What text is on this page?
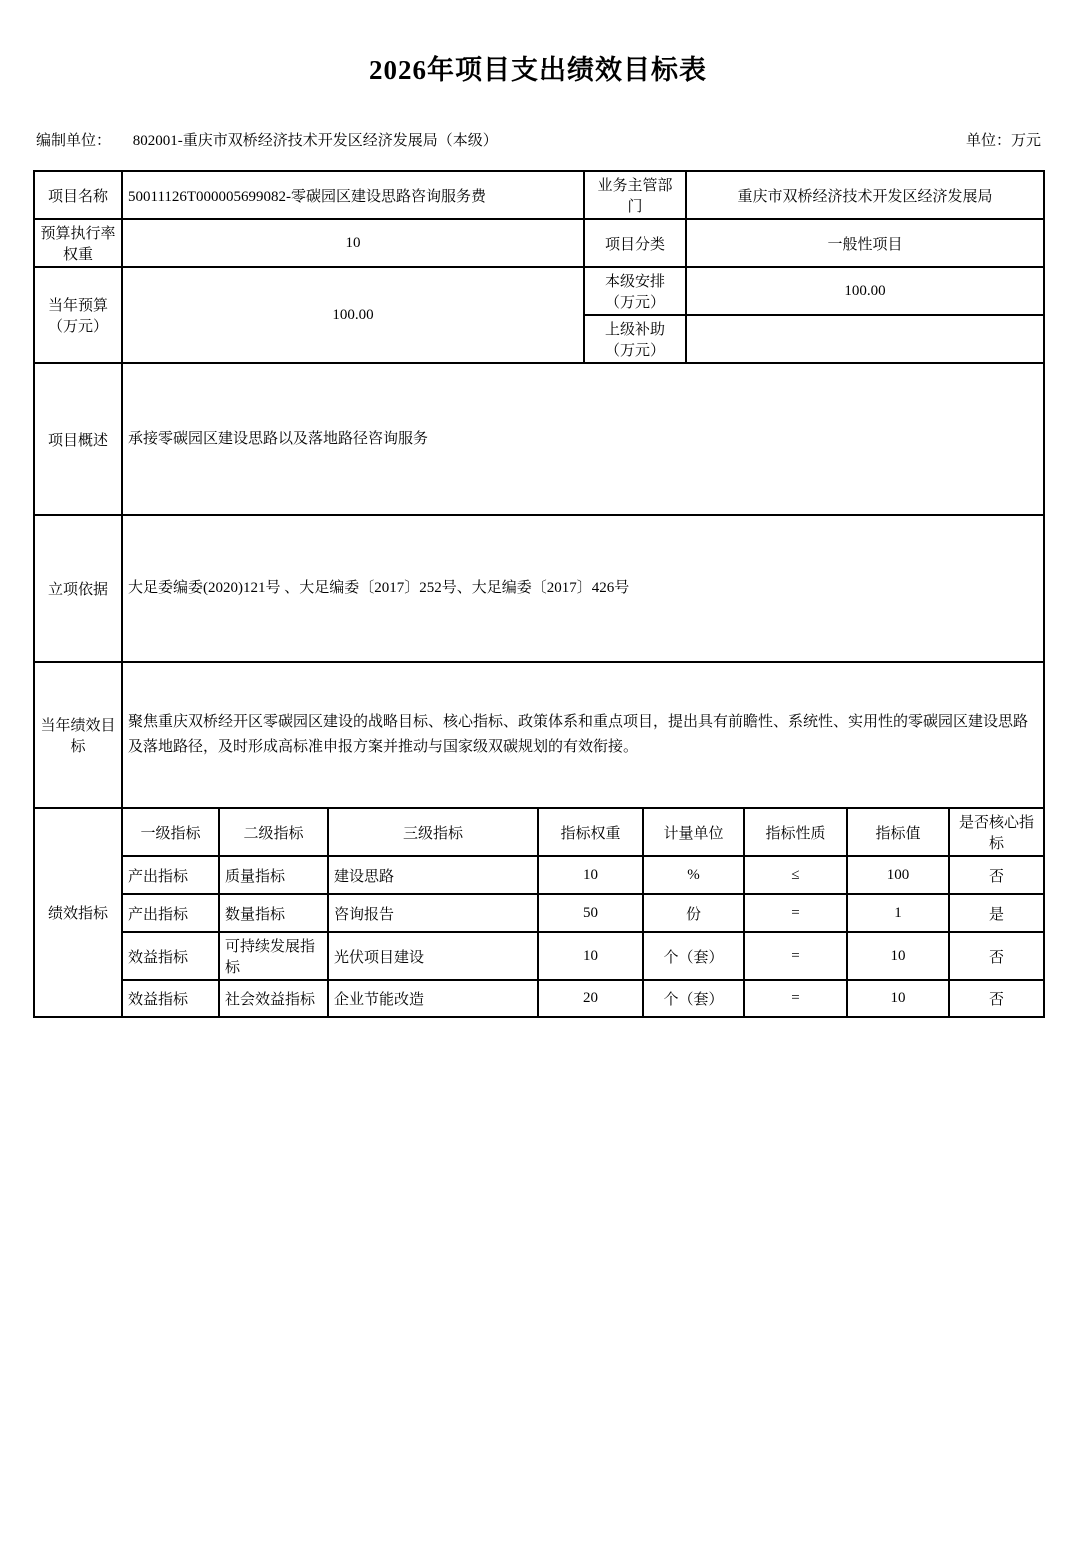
2026年项目支出绩效目标表
编制单位： 802001-重庆市双桥经济技术开发区经济发展局（本级）	单位：万元
项目名称	50011126T000005699082-零碳园区建设思路咨询服务费	业务主管部门	重庆市双桥经济技术开发区经济发展局
预算执行率权重	10	项目分类	一般性项目
当年预算（万元）	100.00	本级安排（万元）	100.00
		上级补助（万元）	
项目概述	承接零碳园区建设思路以及落地路径咨询服务		
立项依据	大足委编委(2020)121号 、大足编委〔2017〕252号、大足编委〔2017〕426号		
当年绩效目标	聚焦重庆双桥经开区零碳园区建设的战略目标、核心指标、政策体系和重点项目，提出具有前瞻性、系统性、实用性的零碳园区建设思路及落地路径，及时形成高标准申报方案并推动与国家级双碳规划的有效衔接。		
绩效指标	一级指标	二级指标	三级指标	指标权重	计量单位	指标性质	指标值	是否核心指标
	产出指标	质量指标	建设思路	10	%	≤	100	否
	产出指标	数量指标	咨询报告	50	份	=	1	是
	效益指标	可持续发展指标	光伏项目建设	10	个（套）	=	10	否
	效益指标	社会效益指标	企业节能改造	20	个（套）	=	10	否
